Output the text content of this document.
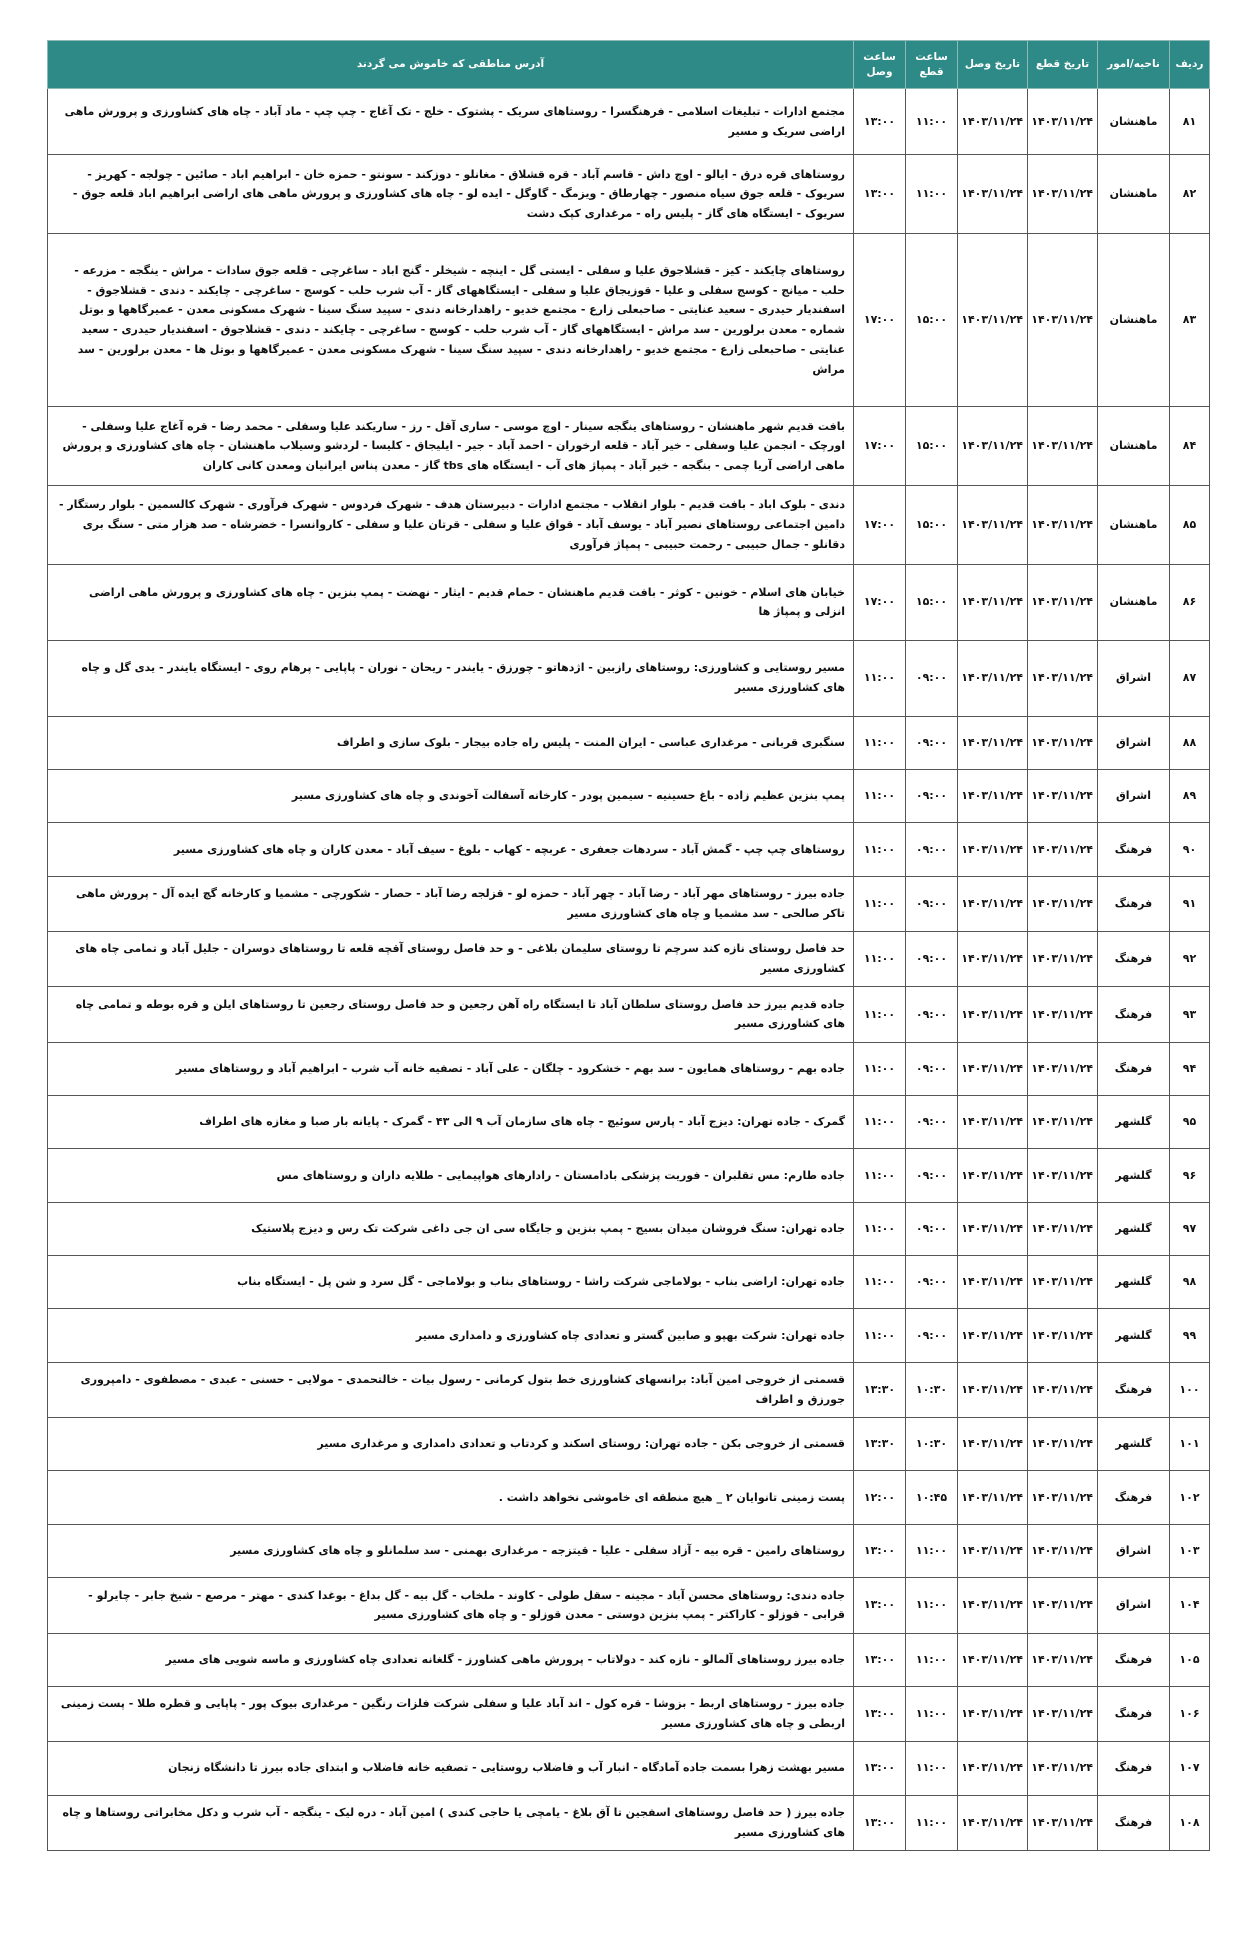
ردیف	ناحیه/امور	تاریخ قطع	تاریخ وصل	ساعت قطع	ساعت وصل	آدرس مناطقی که خاموش می گردند
۸۱	ماهنشان	۱۴۰۳/۱۱/۲۴	۱۴۰۳/۱۱/۲۴	۱۱:۰۰	۱۳:۰۰	مجتمع ادارات - تبلیغات اسلامی - فرهنگسرا - روستاهای سریک - پشتوک - خلج - تک آغاج - چپ چپ - ماد آباد - چاه های کشاورزی و پرورش ماهی اراضی سریک و مسیر
۸۲	ماهنشان	۱۴۰۳/۱۱/۲۴	۱۴۰۳/۱۱/۲۴	۱۱:۰۰	۱۳:۰۰	روستاهای قره درق - ایالو - اوچ داش - قاسم آباد - قره قشلاق - مغانلو - دوزکند - سونتو - حمزه خان - ابراهیم اباد - صائین - چولجه - کهریز - سریوک - قلعه جوق سیاه منصور - چهارطاق - ویزمگ - گاوگل - ایده لو - چاه های کشاورزی و پرورش ماهی های اراضی ابراهیم اباد قلعه جوق - سریوک - ایستگاه های گاز - پلیس راه - مرغداری کپک دشت
۸۳	ماهنشان	۱۴۰۳/۱۱/۲۴	۱۴۰۳/۱۱/۲۴	۱۵:۰۰	۱۷:۰۰	روستاهای چایکند - کیز - قشلاجوق علیا و سفلی - ایستی گل - اینچه - شیخلر - گنج اباد - ساغرچی - قلعه جوق سادات - مراش - ینگجه - مزرعه - حلب - میانج - کوسج سفلی و علیا - قوزیجاق علیا و سفلی - ایستگاههای گاز - آب شرب حلب - کوسج - ساغرچی - چایکند - دندی - قشلاجوق - اسفندیار حیدری - سعید عنایتی - صاحبعلی زارع - مجتمع خدیو - راهدارخانه دندی - سپید سنگ سینا - شهرک مسکونی معدن - عمیرگاهها و بوتل شماره - معدن برلورین - سد مراش - ایستگاههای گاز - آب شرب حلب - کوسج - ساغرچی - چایکند - دندی - قشلاجوق - اسفندیار حیدری - سعید عنایتی - صاحبعلی زارع - مجتمع خدیو - راهدارخانه دندی - سپید سنگ سینا - شهرک مسکونی معدن - عمیرگاهها و بوتل ها - معدن برلورین - سد مراش
۸۴	ماهنشان	۱۴۰۳/۱۱/۲۴	۱۴۰۳/۱۱/۲۴	۱۵:۰۰	۱۷:۰۰	بافت قدیم شهر ماهنشان - روستاهای ینگجه سینار - اوچ موسی - ساری آقل - رز - ساریکند علیا وسفلی - محمد رضا - قره آغاج علیا وسفلی - اورچک - انجمن علیا وسفلی - خیر آباد - قلعه ارخوران - احمد آباد - جیر - ایلیجاق - کلیسا - لردشو وسیلاب ماهنشان - چاه های کشاورزی و پرورش ماهی اراضی آریا چمی - بنگجه - خیر آباد - پمپاژ های آب - ایستگاه های tbs گاز - معدن پناس ایرانیان ومعدن کانی کاران
۸۵	ماهنشان	۱۴۰۳/۱۱/۲۴	۱۴۰۳/۱۱/۲۴	۱۵:۰۰	۱۷:۰۰	دندی - بلوک اباد - بافت قدیم - بلوار انقلاب - مجتمع ادارات - دبیرستان هدف - شهرک فردوس - شهرک فرآوری - شهرک کالسمین - بلوار رستگار - دامین اجتماعی روستاهای نصیر آباد - یوسف آباد - قواق علیا و سفلی - قرتان علیا و سفلی - کاروانسرا - خضرشاه - صد هزار متی - سنگ بری دقانلو - جمال حبیبی - رحمت حبیبی - پمپاژ فرآوری
۸۶	ماهنشان	۱۴۰۳/۱۱/۲۴	۱۴۰۳/۱۱/۲۴	۱۵:۰۰	۱۷:۰۰	خیابان های اسلام - خونین - کوثر - بافت قدیم ماهنشان - حمام قدیم - ایثار - نهضت - پمپ بنزین - چاه های کشاورزی و پرورش ماهی اراضی انزلی و پمپاژ ها
۸۷	اشراق	۱۴۰۳/۱۱/۲۴	۱۴۰۳/۱۱/۲۴	۰۹:۰۰	۱۱:۰۰	مسیر روستایی و کشاورزی: روستاهای رازبین - اژدهاتو - چورزق - یایندر - ریحان - نوران - پاپایی - پرهام روی - ایستگاه یایندر - یدی گل و چاه های کشاورزی مسیر
۸۸	اشراق	۱۴۰۳/۱۱/۲۴	۱۴۰۳/۱۱/۲۴	۰۹:۰۰	۱۱:۰۰	سنگبری قربانی - مرغداری عباسی - ایران المنت - پلیس راه جاده بیجار - بلوک سازی و اطراف
۸۹	اشراق	۱۴۰۳/۱۱/۲۴	۱۴۰۳/۱۱/۲۴	۰۹:۰۰	۱۱:۰۰	پمپ بنزین عظیم زاده - باغ حسینیه - سیمین پودر - کارخانه آسفالت آخوندی و چاه های کشاورزی مسیر
۹۰	فرهنگ	۱۴۰۳/۱۱/۲۴	۱۴۰۳/۱۱/۲۴	۰۹:۰۰	۱۱:۰۰	روستاهای چپ چپ - گمش آباد - سردهات جعفری - عربچه - کهاب - بلوغ - سیف آباد - معدن کاران و چاه های کشاورزی مسیر
۹۱	فرهنگ	۱۴۰۳/۱۱/۲۴	۱۴۰۳/۱۱/۲۴	۰۹:۰۰	۱۱:۰۰	جاده بیرز - روستاهای مهر آباد - رضا آباد - چهر آباد - حمزه لو - قزلجه رضا آباد - حصار - شکورچی - مشمیا و کارخانه گچ ایده آل - پرورش ماهی تاکر صالحی - سد مشمیا و چاه های کشاورزی مسیر
۹۲	فرهنگ	۱۴۰۳/۱۱/۲۴	۱۴۰۳/۱۱/۲۴	۰۹:۰۰	۱۱:۰۰	حد فاصل روستای نازه کند سرچم تا روستای سلیمان بلاغی - و حد فاصل روستای آقچه قلعه تا روستاهای دوسران - جلیل آباد و تمامی چاه های کشاورزی مسیر
۹۳	فرهنگ	۱۴۰۳/۱۱/۲۴	۱۴۰۳/۱۱/۲۴	۰۹:۰۰	۱۱:۰۰	جاده قدیم بیرز حد فاصل روستای سلطان آباد تا ایستگاه راه آهن رجعین و حد فاصل روستای رجعین تا روستاهای ایلن و قره بوطه و تمامی چاه های کشاورزی مسیر
۹۴	فرهنگ	۱۴۰۳/۱۱/۲۴	۱۴۰۳/۱۱/۲۴	۰۹:۰۰	۱۱:۰۰	جاده بهم - روستاهای همایون - سد بهم - خشکرود - چلگان - علی آباد - تصفیه خانه آب شرب - ابراهیم آباد و روستاهای مسیر
۹۵	گلشهر	۱۴۰۳/۱۱/۲۴	۱۴۰۳/۱۱/۲۴	۰۹:۰۰	۱۱:۰۰	گمرک - جاده تهران: دیزج آباد - پارس سوئیچ - چاه های سازمان آب ۹ الی ۴۳ - گمرک - پایانه بار صبا و مغازه های اطراف
۹۶	گلشهر	۱۴۰۳/۱۱/۲۴	۱۴۰۳/۱۱/۲۴	۰۹:۰۰	۱۱:۰۰	جاده طارم: مس تقلبران - فوریت پزشکی بادامستان - رادارهای هواپیمایی - طلایه داران و روستاهای مس
۹۷	گلشهر	۱۴۰۳/۱۱/۲۴	۱۴۰۳/۱۱/۲۴	۰۹:۰۰	۱۱:۰۰	جاده تهران: سنگ فروشان میدان بسیج - پمپ بنزین و جایگاه سی ان جی داغی شرکت تک رس و دیزج پلاستیک
۹۸	گلشهر	۱۴۰۳/۱۱/۲۴	۱۴۰۳/۱۱/۲۴	۰۹:۰۰	۱۱:۰۰	جاده تهران: اراضی بناب - بولاماجی شرکت راشا - روستاهای بناب و بولاماجی - گل سرد و شن پل - ایستگاه بناب
۹۹	گلشهر	۱۴۰۳/۱۱/۲۴	۱۴۰۳/۱۱/۲۴	۰۹:۰۰	۱۱:۰۰	جاده تهران: شرکت بهپو و صابین گستر و تعدادی چاه کشاورزی و دامداری مسیر
۱۰۰	فرهنگ	۱۴۰۳/۱۱/۲۴	۱۴۰۳/۱۱/۲۴	۱۰:۳۰	۱۳:۳۰	قسمتی از خروجی امین آباد: برانسهای کشاورزی خط بتول کرمانی - رسول بیات - خالتحمدی - مولایی - حسنی - عبدی - مصطفوی - دامپروری جورزق و اطراف
۱۰۱	گلشهر	۱۴۰۳/۱۱/۲۴	۱۴۰۳/۱۱/۲۴	۱۰:۳۰	۱۳:۳۰	قسمتی از خروجی بکن - جاده تهران: روستای اسکند و کردتاب و تعدادی دامداری و مرغداری مسیر
۱۰۲	فرهنگ	۱۴۰۳/۱۱/۲۴	۱۴۰۳/۱۱/۲۴	۱۰:۴۵	۱۲:۰۰	پست زمینی تانوایان ۲ _ هیچ منطقه ای خاموشی نخواهد داشت .
۱۰۳	اشراق	۱۴۰۳/۱۱/۲۴	۱۴۰۳/۱۱/۲۴	۱۱:۰۰	۱۳:۰۰	روستاهای رامین - قره بیه - آزاد سفلی - علیا - قیتزجه - مرغداری بهمنی - سد سلمانلو و چاه های کشاورزی مسیر
۱۰۴	اشراق	۱۴۰۳/۱۱/۲۴	۱۴۰۳/۱۱/۲۴	۱۱:۰۰	۱۳:۰۰	جاده دندی: روستاهای محسن آباد - مجینه - سقل طولی - کاوند - ملخاب - گل بیه - گل بداغ - بوغدا کندی - مهتر - مرصع - شیخ جابر - چایرلو - قرابی - قوزلو - کاراکتر - پمپ بنزین دوستی - معدن قوزلو - و چاه های کشاورزی مسیر
۱۰۵	فرهنگ	۱۴۰۳/۱۱/۲۴	۱۴۰۳/۱۱/۲۴	۱۱:۰۰	۱۳:۰۰	جاده بیرز روستاهای آلمالو - نازه کند - دولاتاب - پرورش ماهی کشاورز - گلغانه تعدادی چاه کشاورزی و ماسه شویی های مسیر
۱۰۶	فرهنگ	۱۴۰۳/۱۱/۲۴	۱۴۰۳/۱۱/۲۴	۱۱:۰۰	۱۳:۰۰	جاده بیرز - روستاهای اربط - بزوشا - قره کول - اند آباد علیا و سفلی شرکت فلزات رنگین - مرغداری بیوک پور - پاپایی و قطره طلا - پست زمینی اربطی و چاه های کشاورزی مسیر
۱۰۷	فرهنگ	۱۴۰۳/۱۱/۲۴	۱۴۰۳/۱۱/۲۴	۱۱:۰۰	۱۳:۰۰	مسیر بهشت زهرا بسمت جاده آمادگاه - انبار آب و فاضلاب روستایی - تصفیه خانه فاضلاب و ابتدای جاده بیرز تا دانشگاه زنجان
۱۰۸	فرهنگ	۱۴۰۳/۱۱/۲۴	۱۴۰۳/۱۱/۲۴	۱۱:۰۰	۱۳:۰۰	جاده بیرز ( حد فاصل روستاهای اسفجین تا آق بلاغ - یامچی یا حاجی کندی ) امین آباد - دره لیک - ینگجه - آب شرب و دکل مخابراتی روستاها و چاه های کشاورزی مسیر
